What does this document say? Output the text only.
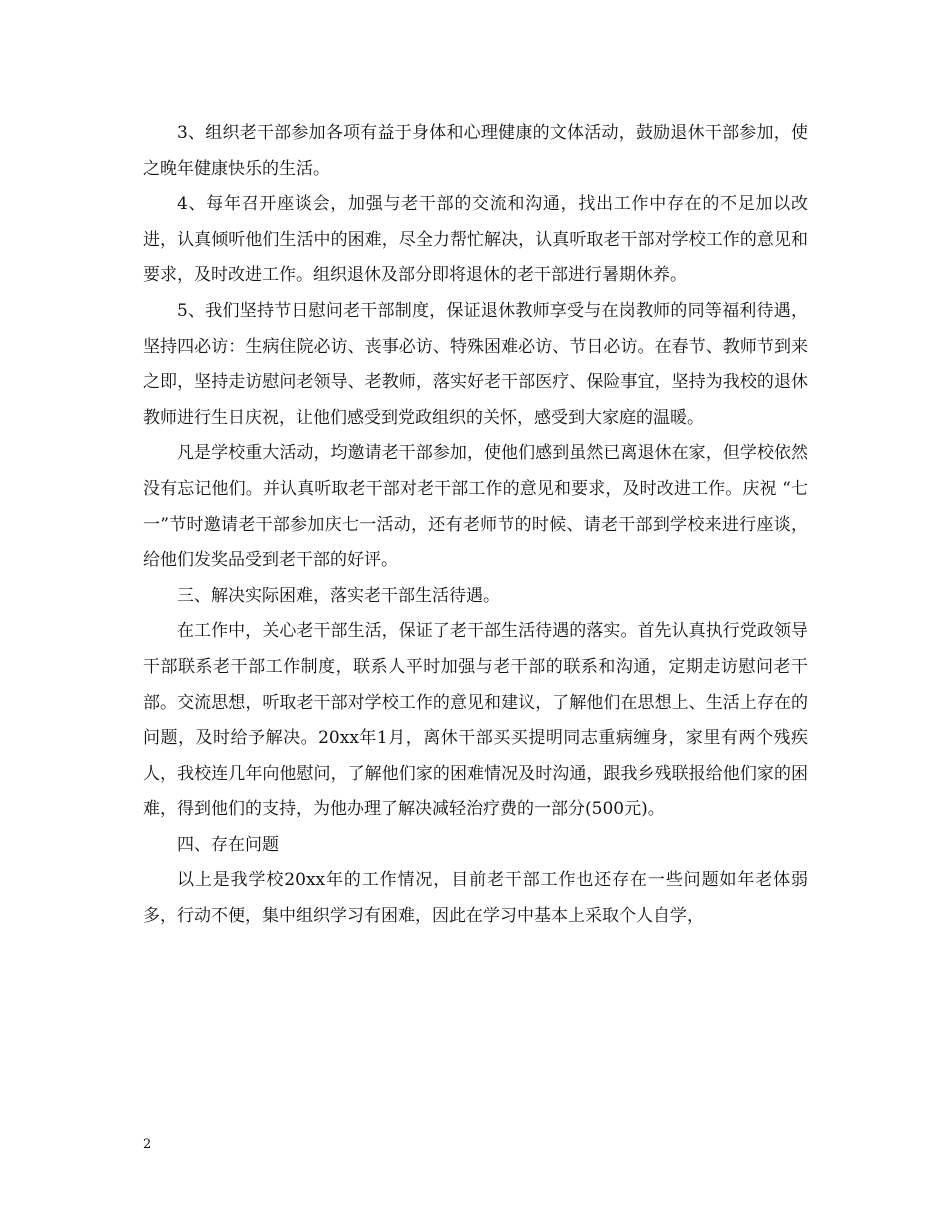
3、组织老干部参加各项有益于身体和心理健康的文体活动，鼓励退休干部参加，使之晚年健康快乐的生活。

4、每年召开座谈会，加强与老干部的交流和沟通，找出工作中存在的不足加以改进，认真倾听他们生活中的困难，尽全力帮忙解决，认真听取老干部对学校工作的意见和要求，及时改进工作。组织退休及部分即将退休的老干部进行暑期休养。

5、我们坚持节日慰问老干部制度，保证退休教师享受与在岗教师的同等福利待遇，坚持四必访：生病住院必访、丧事必访、特殊困难必访、节日必访。在春节、教师节到来之即，坚持走访慰问老领导、老教师，落实好老干部医疗、保险事宜，坚持为我校的退休教师进行生日庆祝，让他们感受到党政组织的关怀，感受到大家庭的温暖。

凡是学校重大活动，均邀请老干部参加，使他们感到虽然已离退休在家，但学校依然没有忘记他们。并认真听取老干部对老干部工作的意见和要求，及时改进工作。庆祝 “七一”节时邀请老干部参加庆七一活动，还有老师节的时候、请老干部到学校来进行座谈，给他们发奖品受到老干部的好评。

三、解决实际困难，落实老干部生活待遇。

在工作中，关心老干部生活，保证了老干部生活待遇的落实。首先认真执行党政领导干部联系老干部工作制度，联系人平时加强与老干部的联系和沟通，定期走访慰问老干部。交流思想，听取老干部对学校工作的意见和建议，了解他们在思想上、生活上存在的问题，及时给予解决。20xx年1月，离休干部买买提明同志重病缠身，家里有两个残疾人，我校连几年向他慰问，了解他们家的困难情况及时沟通，跟我乡残联报给他们家的困难，得到他们的支持，为他办理了解决减轻治疗费的一部分(500元)。

四、存在问题

以上是我学校20xx年的工作情况，目前老干部工作也还存在一些问题如年老体弱多，行动不便，集中组织学习有困难，因此在学习中基本上采取个人自学，

2
